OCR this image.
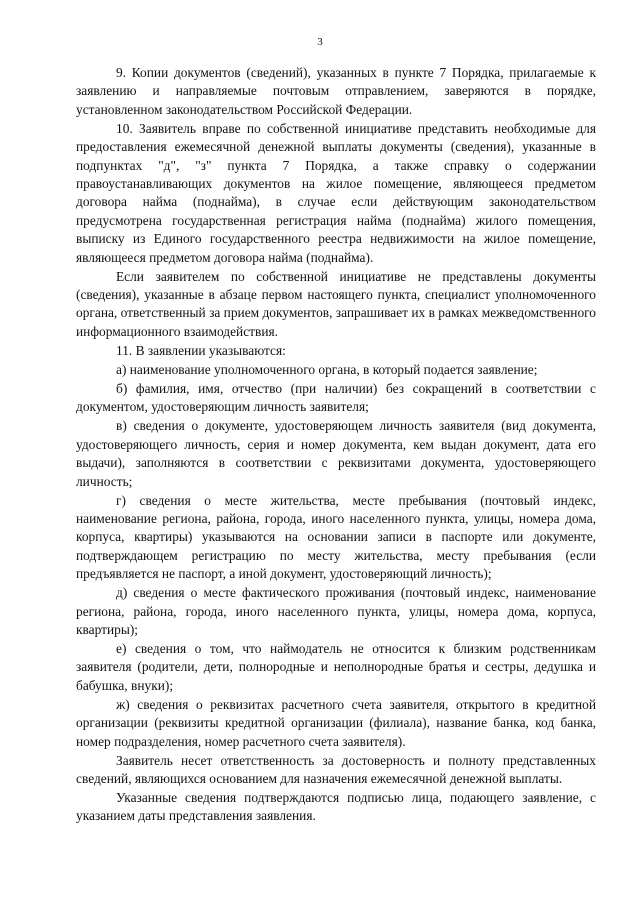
3

9. Копии документов (сведений), указанных в пункте 7 Порядка, прилагаемые к заявлению и направляемые почтовым отправлением, заверяются в порядке, установленном законодательством Российской Федерации.

10. Заявитель вправе по собственной инициативе представить необходимые для предоставления ежемесячной денежной выплаты документы (сведения), указанные в подпунктах "д", "з" пункта 7 Порядка, а также справку о содержании правоустанавливающих документов на жилое помещение, являющееся предметом договора найма (поднайма), в случае если действующим законодательством предусмотрена государственная регистрация найма (поднайма) жилого помещения, выписку из Единого государственного реестра недвижимости на жилое помещение, являющееся предметом договора найма (поднайма).

Если заявителем по собственной инициативе не представлены документы (сведения), указанные в абзаце первом настоящего пункта, специалист уполномоченного органа, ответственный за прием документов, запрашивает их в рамках межведомственного информационного взаимодействия.

11. В заявлении указываются:

а) наименование уполномоченного органа, в который подается заявление;

б) фамилия, имя, отчество (при наличии) без сокращений в соответствии с документом, удостоверяющим личность заявителя;

в) сведения о документе, удостоверяющем личность заявителя (вид документа, удостоверяющего личность, серия и номер документа, кем выдан документ, дата его выдачи), заполняются в соответствии с реквизитами документа, удостоверяющего личность;

г) сведения о месте жительства, месте пребывания (почтовый индекс, наименование региона, района, города, иного населенного пункта, улицы, номера дома, корпуса, квартиры) указываются на основании записи в паспорте или документе, подтверждающем регистрацию по месту жительства, месту пребывания (если предъявляется не паспорт, а иной документ, удостоверяющий личность);

д) сведения о месте фактического проживания (почтовый индекс, наименование региона, района, города, иного населенного пункта, улицы, номера дома, корпуса, квартиры);

е) сведения о том, что наймодатель не относится к близким родственникам заявителя (родители, дети, полнородные и неполнородные братья и сестры, дедушка и бабушка, внуки);

ж) сведения о реквизитах расчетного счета заявителя, открытого в кредитной организации (реквизиты кредитной организации (филиала), название банка, код банка, номер подразделения, номер расчетного счета заявителя).

Заявитель несет ответственность за достоверность и полноту представленных сведений, являющихся основанием для назначения ежемесячной денежной выплаты.

Указанные сведения подтверждаются подписью лица, подающего заявление, с указанием даты представления заявления.
